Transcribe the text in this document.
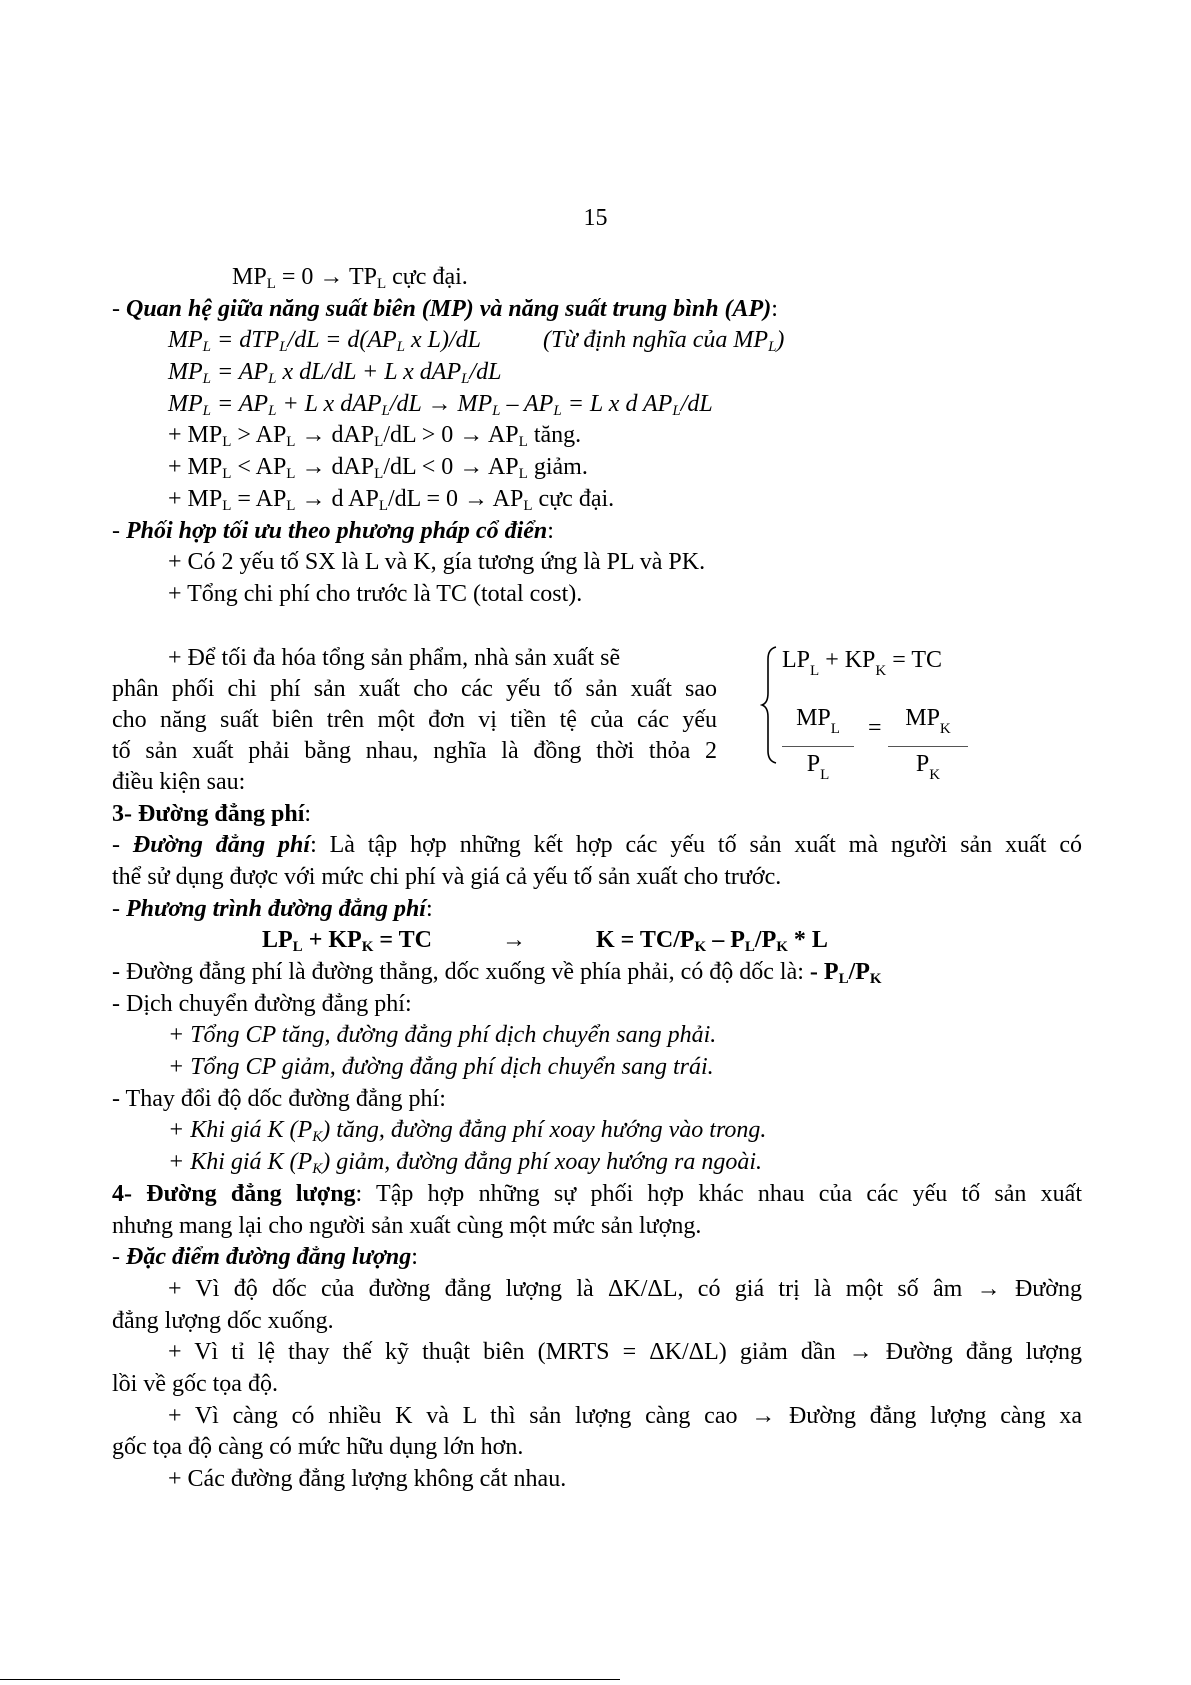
15
$MP_L = 0 \to TP_L$ cực đại.
- Quan hệ giữa năng suất biên (MP) và năng suất trung bình (AP):
$MP_L = dTP_L/dL = d(AP_L$ x L)/dL	(Từ định nghĩa của $MP_L$)
$MP_L = AP_L$ x dL/dL + L x dAP$_L$/dL
$MP_L = AP_L + L$ x $dAP_L/dL \to MP_L - AP_L = L$ x d $AP_L/dL$
+ $MP_L > AP_L \to dAP_L/dL > 0 \to AP_L$ tăng.
+ $MP_L < AP_L \to dAP_L/dL < 0 \to AP_L$ giảm.
+ $MP_L = AP_L \to d$ $AP_L/dL = 0 \to AP_L$ cực đại.
- Phối hợp tối ưu theo phương pháp cổ điển:
+ Có 2 yếu tố SX là L và K, gía tương ứng là PL và PK.
+ Tổng chi phí cho trước là TC (total cost).
+ Để tối đa hóa tổng sản phẩm, nhà sản xuất sẽ
phân phối chi phí sản xuất cho các yếu tố sản xuất sao
cho năng suất biên trên một đơn vị tiền tệ của các yếu
tố sản xuất phải bằng nhau, nghĩa là đồng thời thỏa 2
điều kiện sau:
$LP_L + KP_K$ = TC
$MP_L$
$P_L$
= $MP_K$
$P_K$
3- Đường đẳng phí:
- Đường đẳng phí: Là tập hợp những kết hợp các yếu tố sản xuất mà người sản xuất có
thể sử dụng được với mức chi phí và giá cả yếu tố sản xuất cho trước.
- Phương trình đường đẳng phí:
$LP_L + KP_K$ = TC	→	$K = TC/P_K - P_L/P_K * L$
- Đường đẳng phí là đường thẳng, dốc xuống về phía phải, có độ dốc là: - $P_L/P_K$
- Dịch chuyển đường đẳng phí:
+ Tổng CP tăng, đường đẳng phí dịch chuyển sang phải.
+ Tổng CP giảm, đường đẳng phí dịch chuyển sang trái.
- Thay đổi độ dốc đường đẳng phí:
+ Khi giá K $(P_K)$ tăng, đường đẳng phí xoay hướng vào trong.
+ Khi giá K $(P_K)$ giảm, đường đẳng phí xoay hướng ra ngoài.
4- Đường đẳng lượng: Tập hợp những sự phối hợp khác nhau của các yếu tố sản xuất
nhưng mang lại cho người sản xuất cùng một mức sản lượng.
- Đặc điểm đường đẳng lượng:
+ Vì độ dốc của đường đẳng lượng là ΔK/ΔL, có giá trị là một số âm → Đường
đẳng lượng dốc xuống.
+ Vì tỉ lệ thay thế kỹ thuật biên (MRTS = ΔK/ΔL) giảm dần → Đường đẳng lượng
lồi về gốc tọa độ.
+ Vì càng có nhiều K và L thì sản lượng càng cao → Đường đẳng lượng càng xa
gốc tọa độ càng có mức hữu dụng lớn hơn.
+ Các đường đẳng lượng không cắt nhau.
